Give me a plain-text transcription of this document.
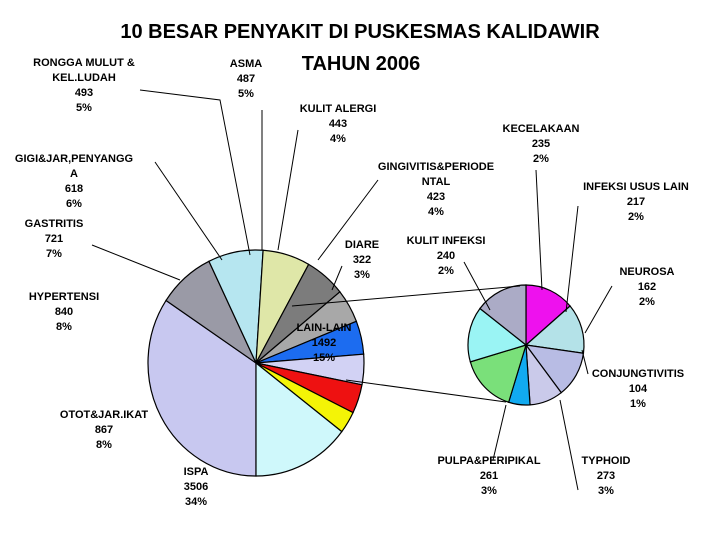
10 BESAR PENYAKIT DI PUSKESMAS KALIDAWIR
TAHUN 2006
ISPA 3506 34%
OTOT&JAR.IKAT 867 8%
HYPERTENSI 840 8%
GASTRITIS 721 7%
GIGI&JAR,PENYANGG A 618 6%
RONGGA MULUT & KEL.LUDAH 493 5%
ASMA 487 5%
KULIT ALERGI 443 4%
GINGIVITIS&PERIODE NTAL 423 4%
DIARE 322 3%
LAIN-LAIN 1492 15%
KULIT INFEKSI 240 2%
KECELAKAAN 235 2%
INFEKSI USUS LAIN 217 2%
NEUROSA 162 2%
CONJUNGTIVITIS 104 1%
TYPHOID 273 3%
PULPA&PERIPIKAL 261 3%
